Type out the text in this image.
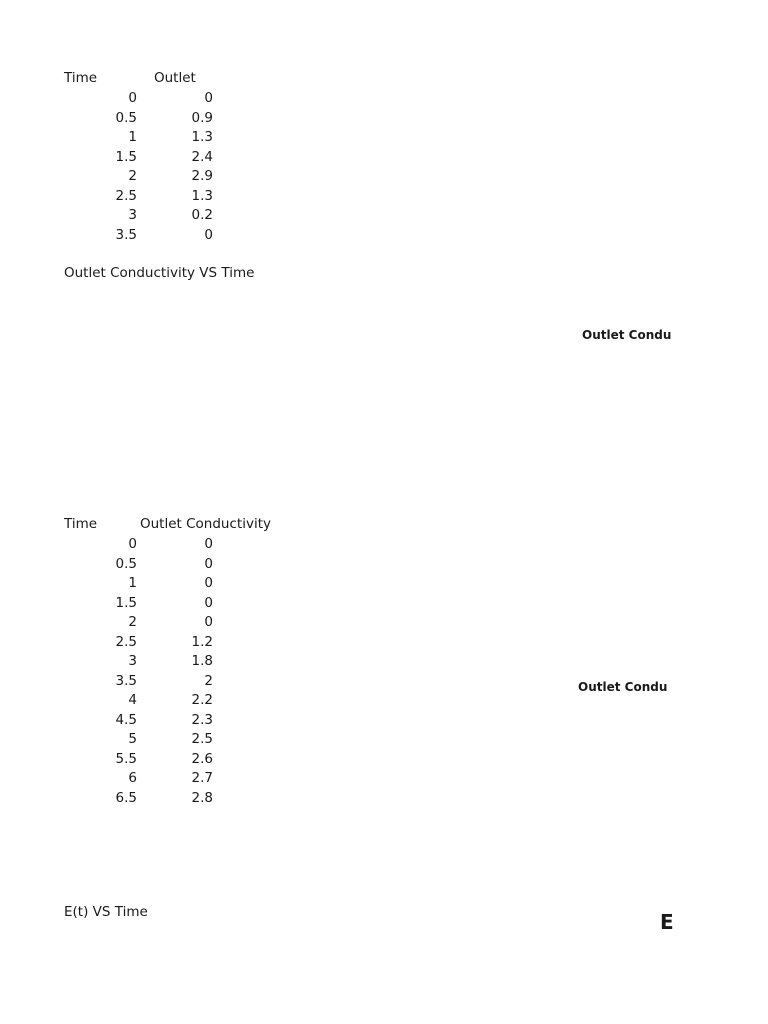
Time	Outlet
0	0
0.5	0.9
1	1.3
1.5	2.4
2	2.9
2.5	1.3
3	0.2
3.5	0
Outlet Conductivity VS Time
Outlet Condu
Time	Outlet Conductivity
0	0
0.5	0
1	0
1.5	0
2	0
2.5	1.2
3	1.8
3.5	2
4	2.2
4.5	2.3
5	2.5
5.5	2.6
6	2.7
6.5	2.8
Outlet Condu
E(t) VS Time	E
